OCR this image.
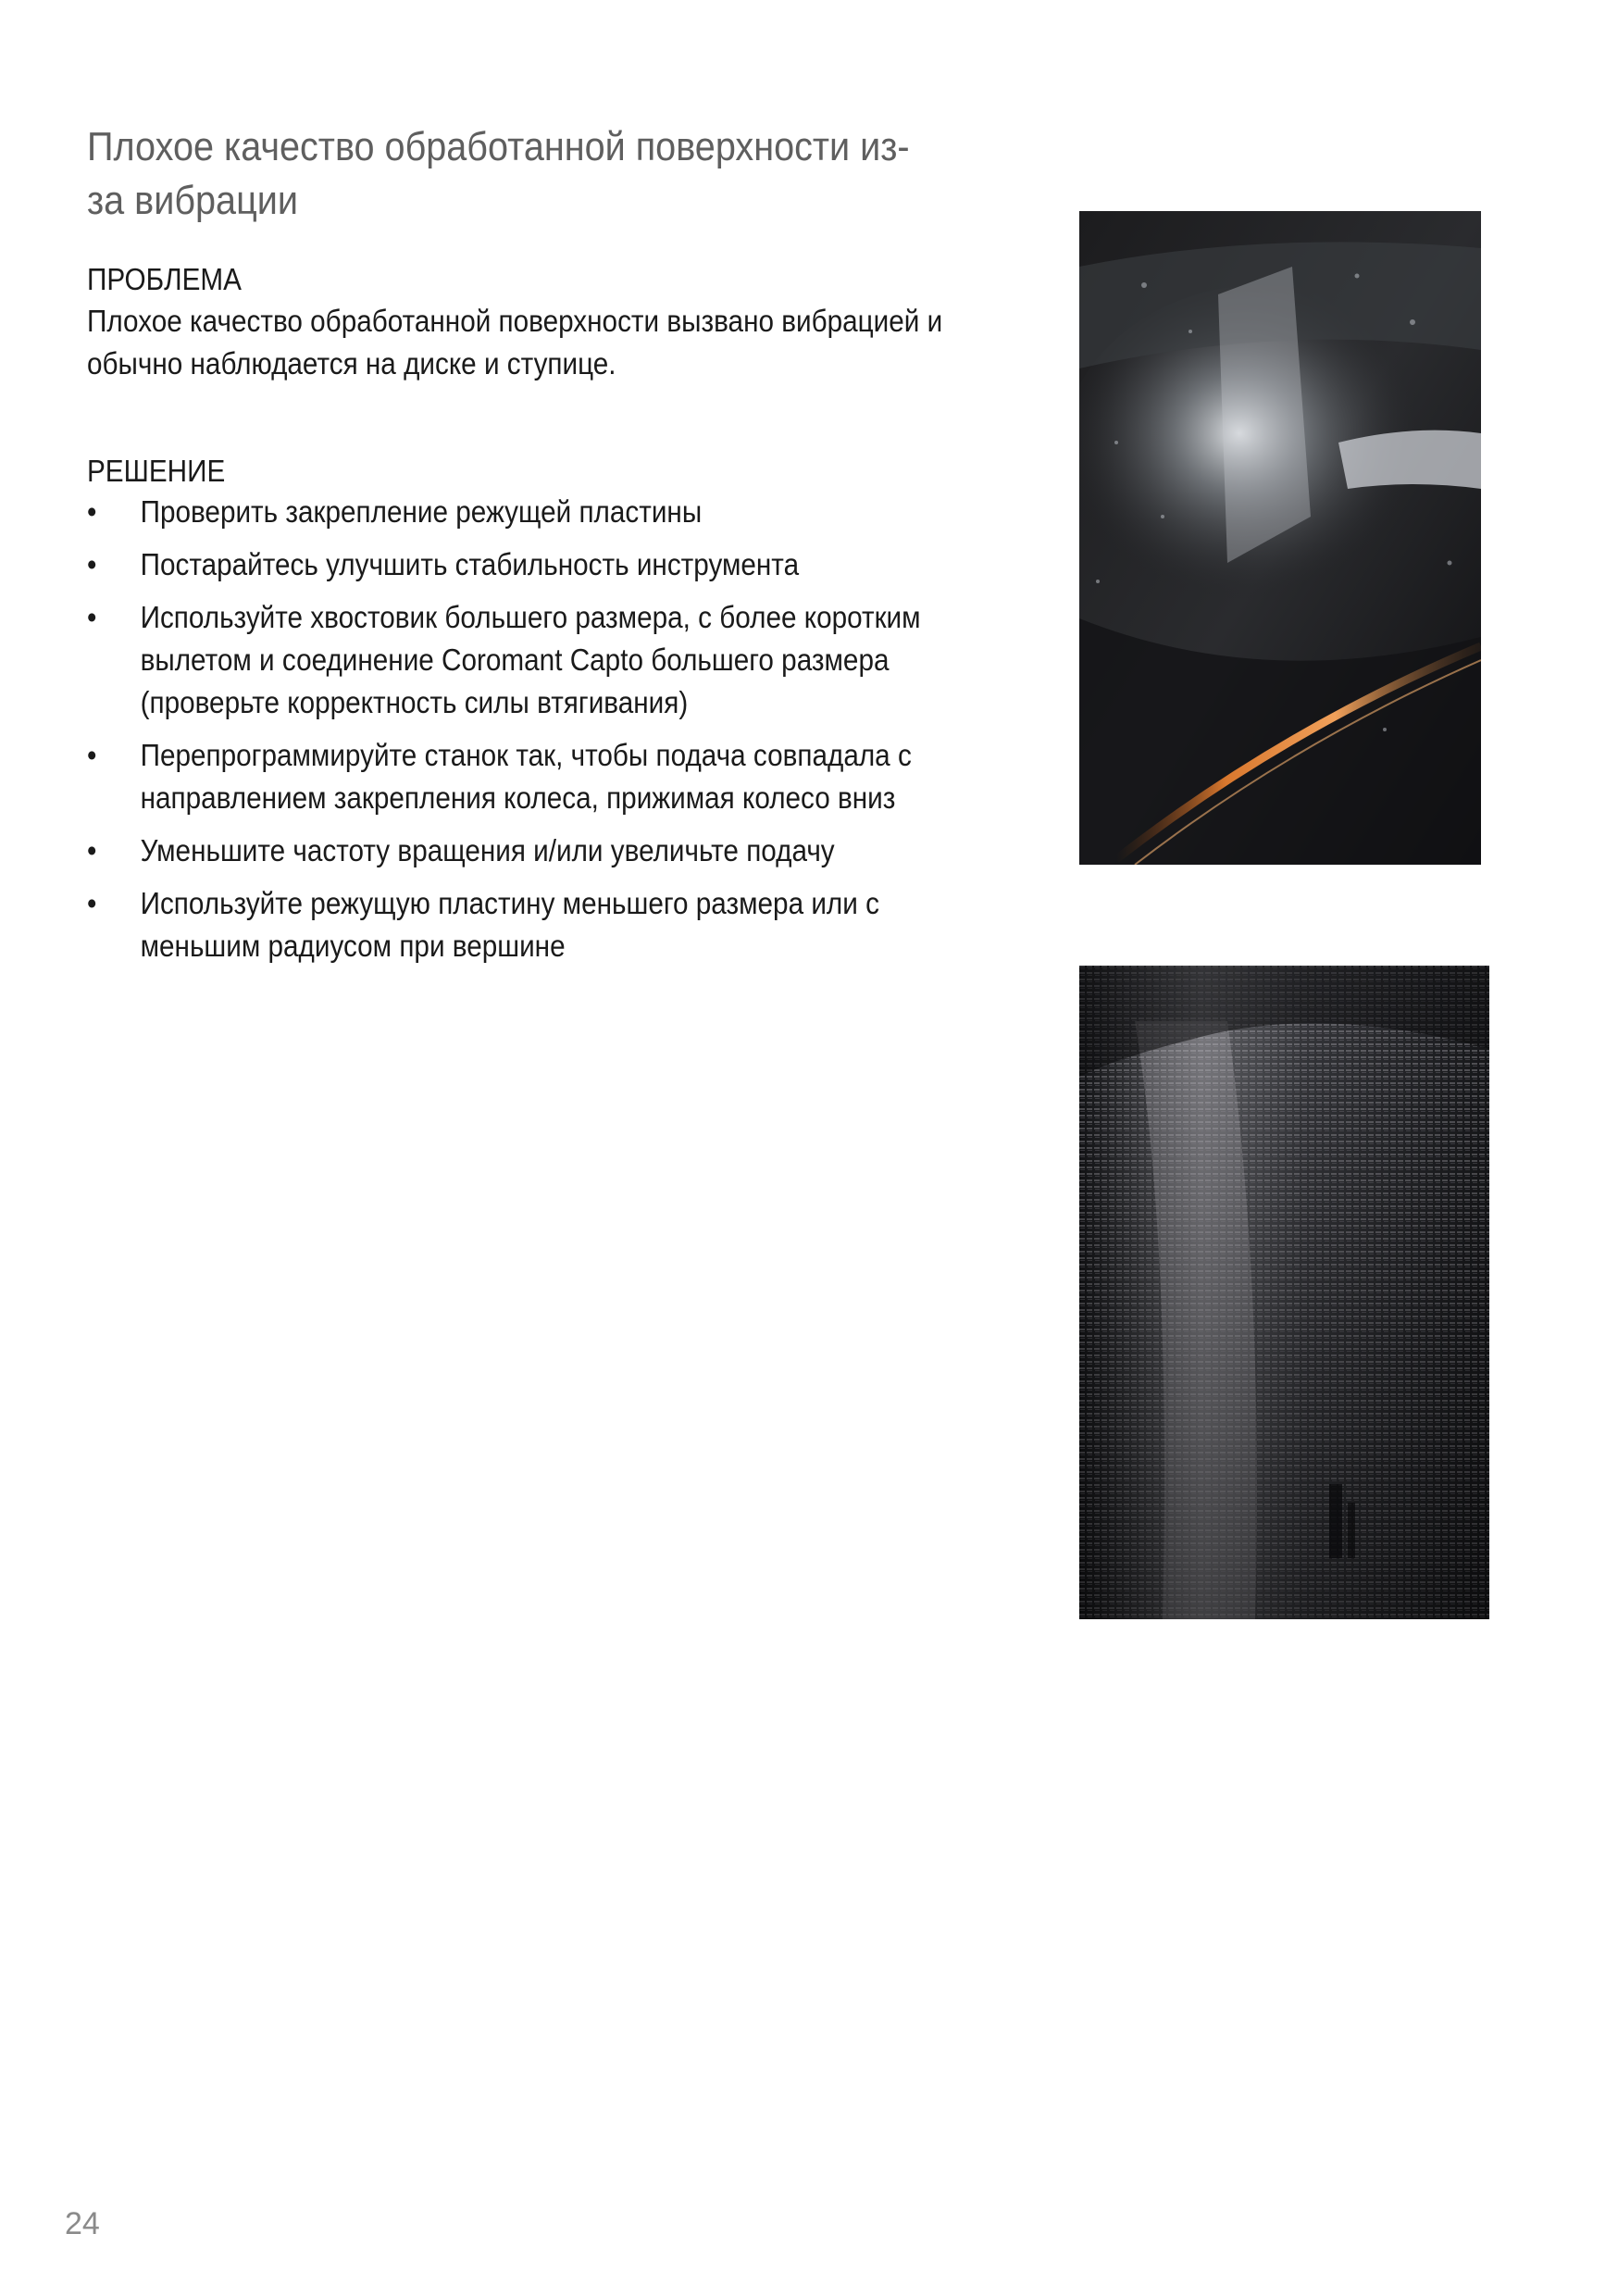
Плохое качество обработанной поверхности из-за вибрации
ПРОБЛЕМА
Плохое качество обработанной поверхности вызвано вибрацией и обычно наблюдается на диске и ступице.
РЕШЕНИЕ
• Проверить закрепление режущей пластины
• Постарайтесь улучшить стабильность инструмента
• Используйте хвостовик большего размера, с более коротким вылетом и соединение Coromant Capto большего размера (проверьте корректность силы втягивания)
• Перепрограммируйте станок так, чтобы подача совпадала с направлением закрепления колеса, прижимая колесо вниз
• Уменьшите частоту вращения и/или увеличьте подачу
• Используйте режущую пластину меньшего размера или с меньшим радиусом при вершине
24
